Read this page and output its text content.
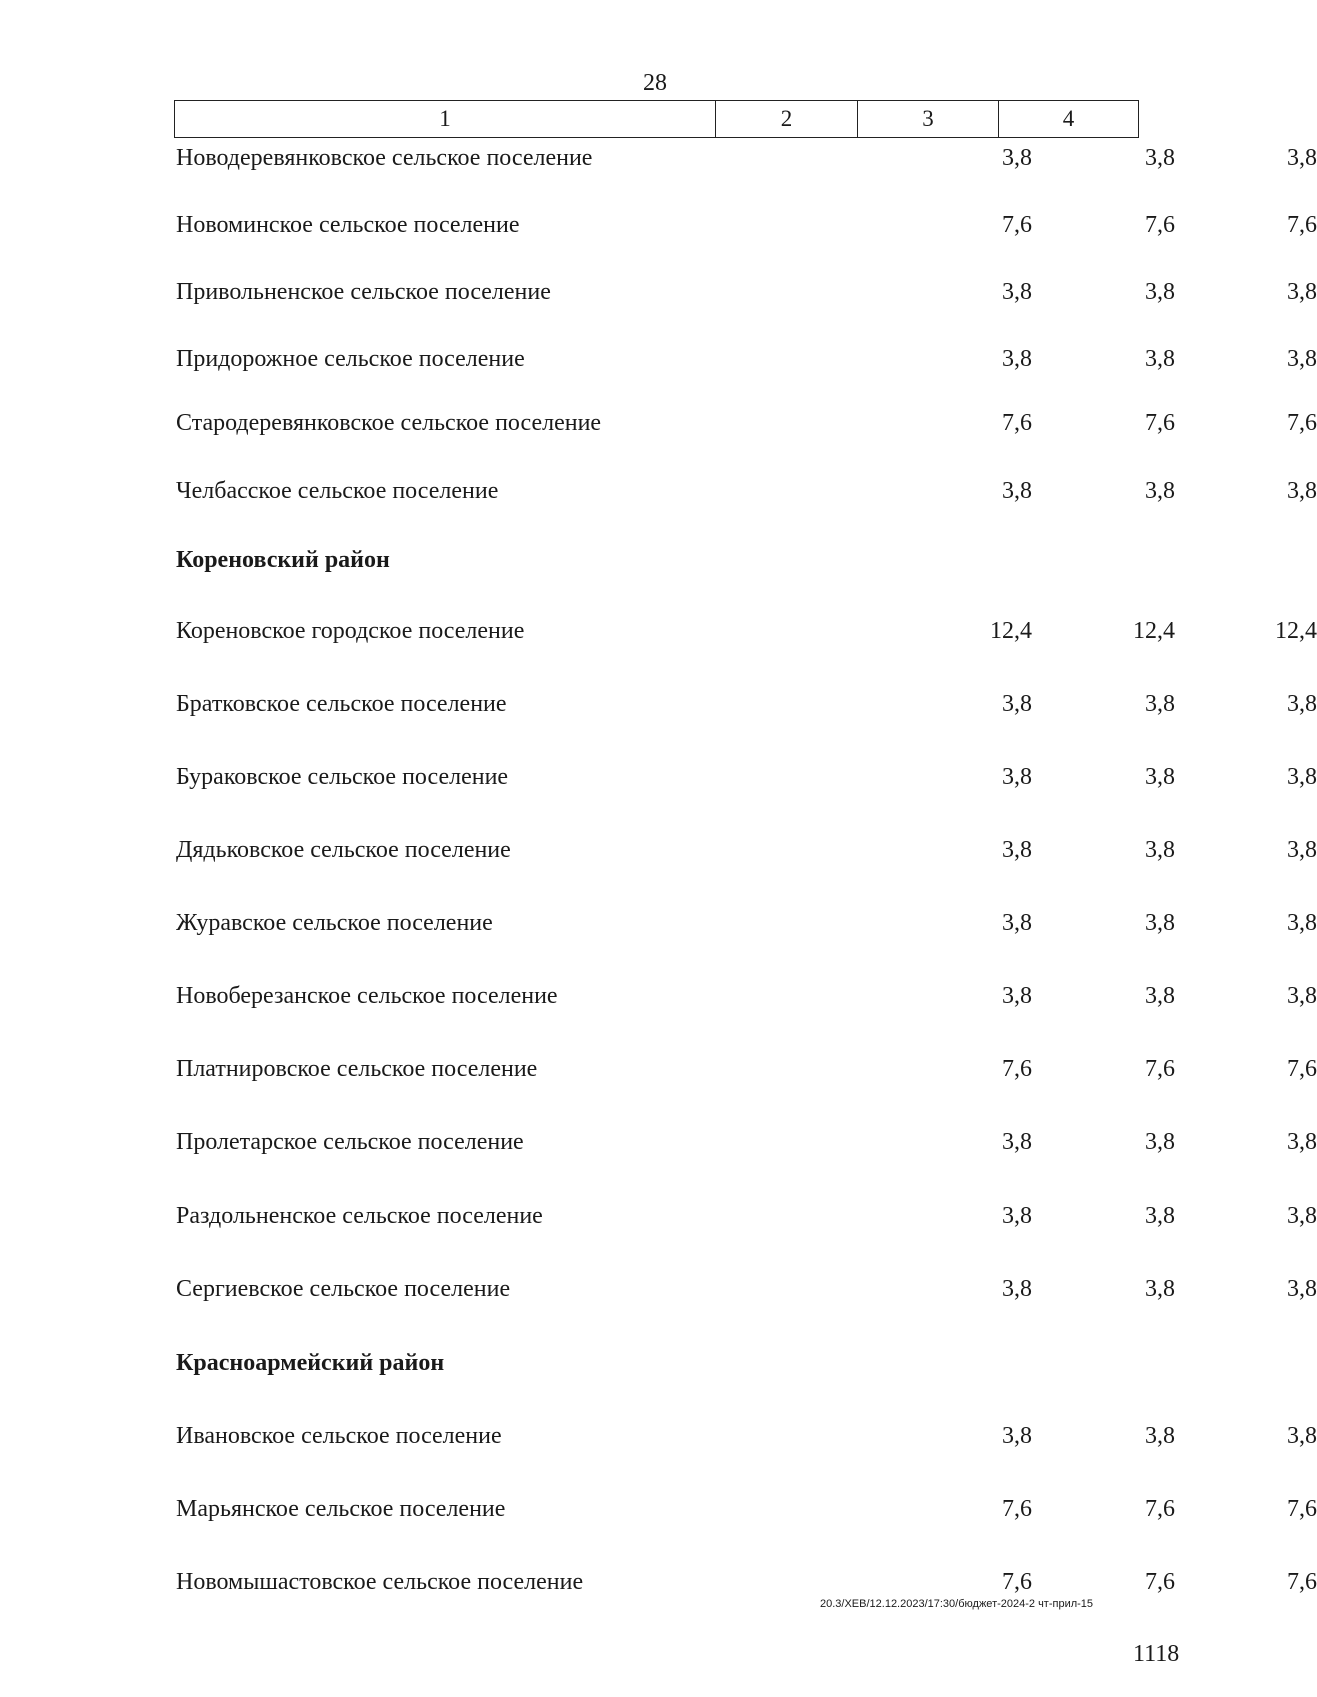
28
1	2	3	4
Новодеревянковское сельское поселение	3,8	3,8	3,8
Новоминское сельское поселение	7,6	7,6	7,6
Привольненское сельское поселение	3,8	3,8	3,8
Придорожное сельское поселение	3,8	3,8	3,8
Стародеревянковское сельское поселение	7,6	7,6	7,6
Челбасское сельское поселение	3,8	3,8	3,8
Кореновский район
Кореновское городское поселение	12,4	12,4	12,4
Братковское сельское поселение	3,8	3,8	3,8
Бураковское сельское поселение	3,8	3,8	3,8
Дядьковское сельское поселение	3,8	3,8	3,8
Журавское сельское поселение	3,8	3,8	3,8
Новоберезанское сельское поселение	3,8	3,8	3,8
Платнировское сельское поселение	7,6	7,6	7,6
Пролетарское сельское поселение	3,8	3,8	3,8
Раздольненское сельское поселение	3,8	3,8	3,8
Сергиевское сельское поселение	3,8	3,8	3,8
Красноармейский район
Ивановское сельское поселение	3,8	3,8	3,8
Марьянское сельское поселение	7,6	7,6	7,6
Новомышастовское сельское поселение	7,6	7,6	7,6
20.3/ХЕВ/12.12.2023/17:30/бюджет-2024-2 чт-прил-15
1118
